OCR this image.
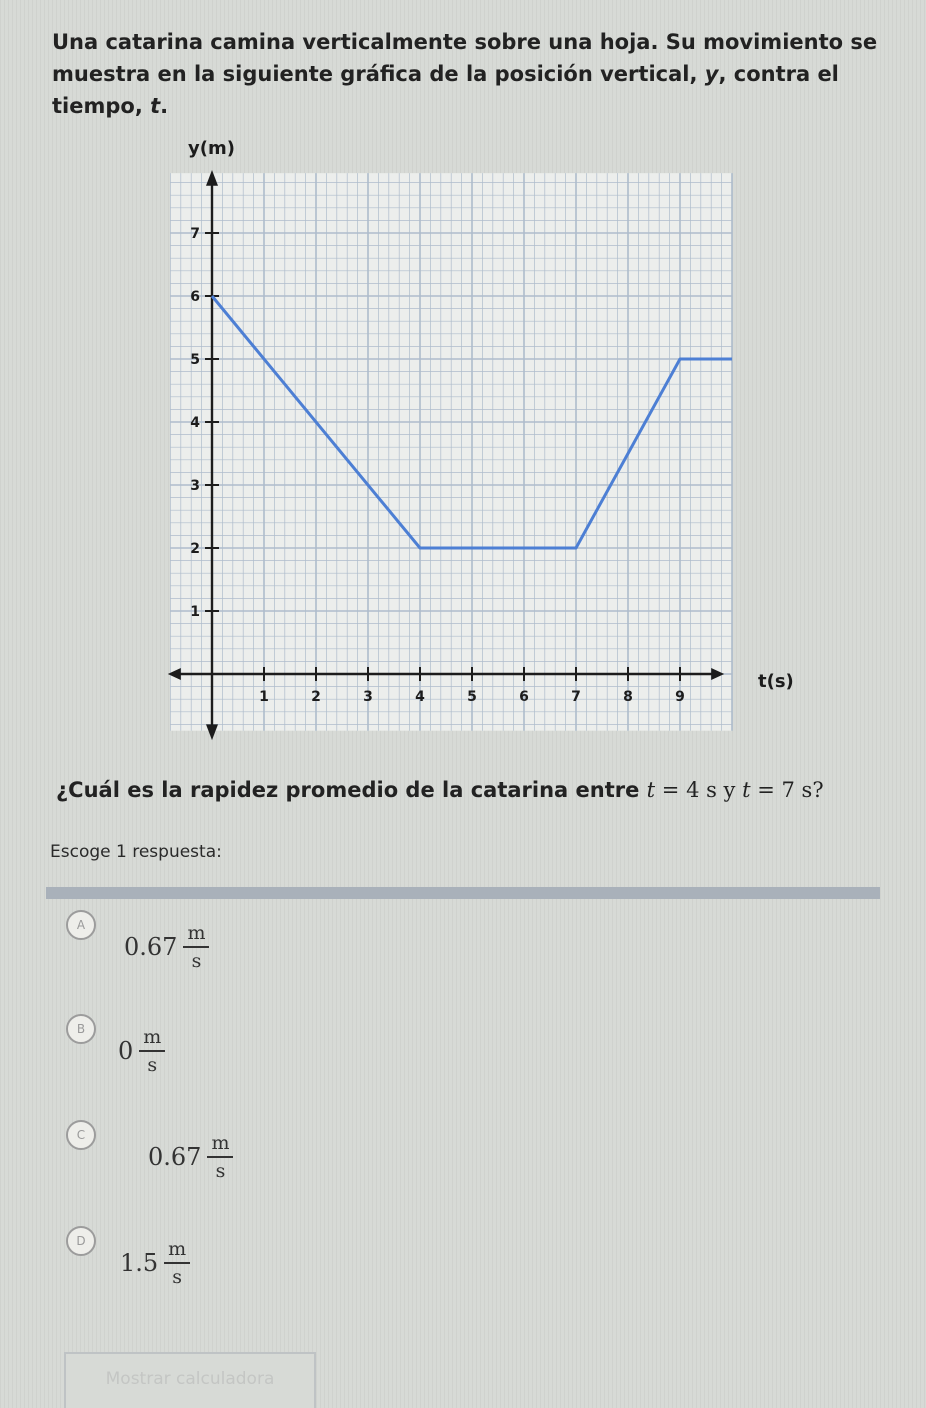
Una catarina camina verticalmente sobre una hoja. Su movimiento se
muestra en la siguiente gráfica de la posición vertical, y, contra el tiempo, t.
1	2	3	4	5	6	7	8	9
1
2
3
4
5
6
7
y(m)
t(s)
¿Cuál es la rapidez promedio de la catarina entre t = 4 s y t = 7 s?
Escoge 1 respuesta:
A
$0.67 \frac{m}{s}$
B
$0 \frac{m}{s}$
C
$0.67 \frac{m}{s}$
D
$1.5 \frac{m}{s}$
Mostrar calculadora
